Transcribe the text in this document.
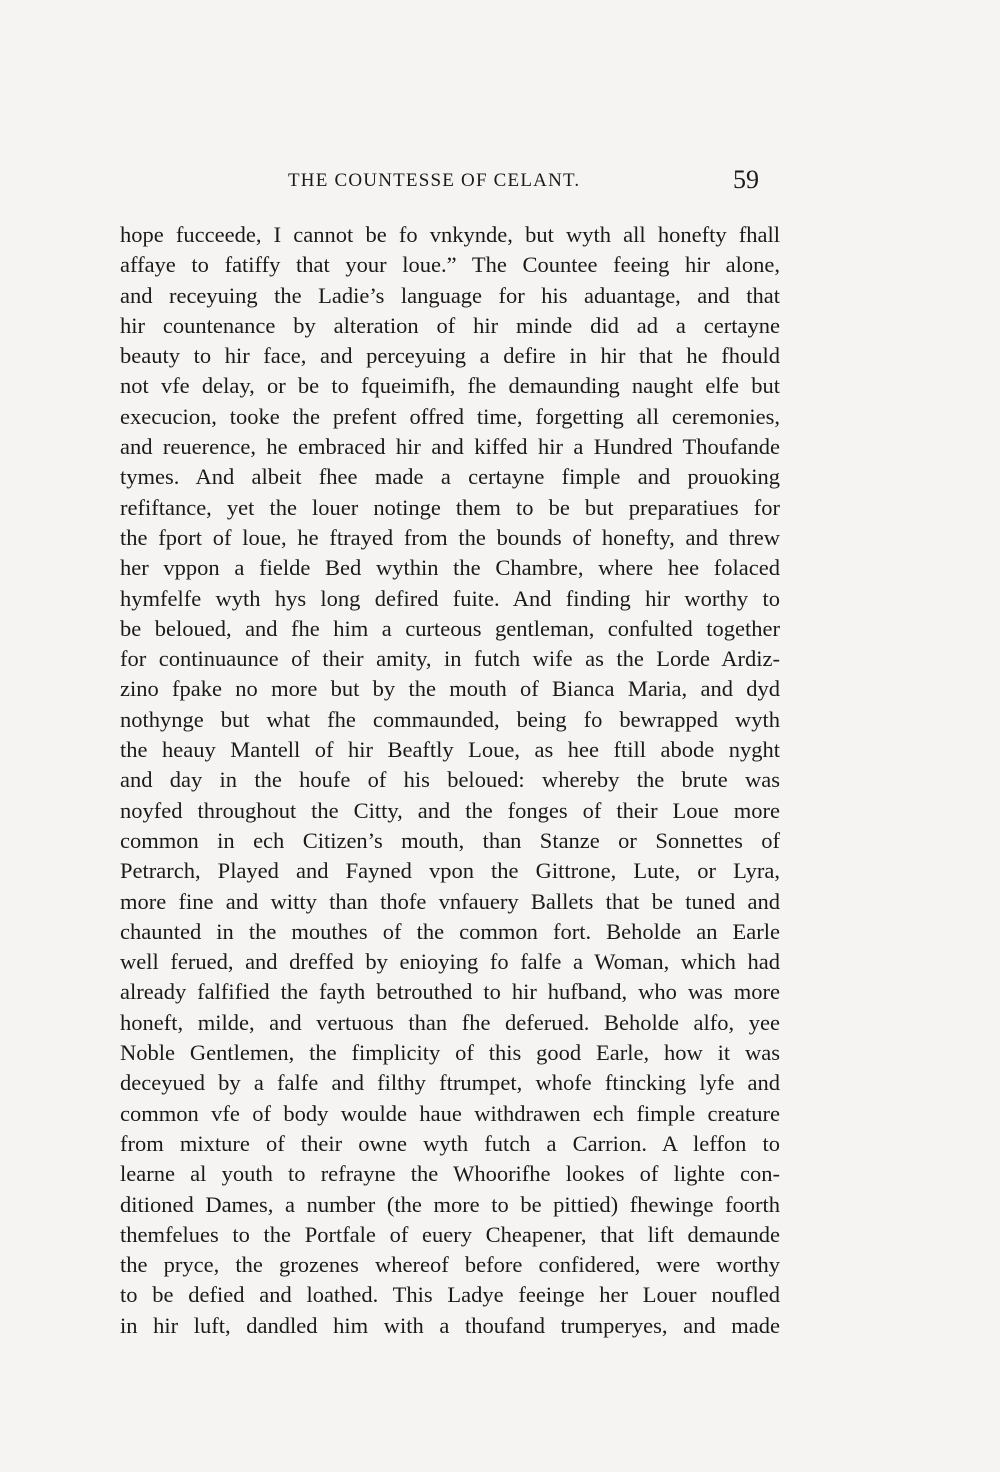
THE COUNTESSE OF CELANT.	59
hope fucceede, I cannot be fo vnkynde, but wyth all honefty fhall
affaye to fatiffy that your loue.” The Countee feeing hir alone,
and receyuing the Ladie’s language for his aduantage, and that
hir countenance by alteration of hir minde did ad a certayne
beauty to hir face, and perceyuing a defire in hir that he fhould
not vfe delay, or be to fqueimifh, fhe demaunding naught elfe but
execucion, tooke the prefent offred time, forgetting all ceremonies,
and reuerence, he embraced hir and kiffed hir a Hundred Thoufande
tymes. And albeit fhee made a certayne fimple and prouoking
refiftance, yet the louer notinge them to be but preparatiues for
the fport of loue, he ftrayed from the bounds of honefty, and threw
her vppon a fielde Bed wythin the Chambre, where hee folaced
hymfelfe wyth hys long defired fuite. And finding hir worthy to
be beloued, and fhe him a curteous gentleman, confulted together
for continuaunce of their amity, in futch wife as the Lorde Ardiz-
zino fpake no more but by the mouth of Bianca Maria, and dyd
nothynge but what fhe commaunded, being fo bewrapped wyth
the heauy Mantell of hir Beaftly Loue, as hee ftill abode nyght
and day in the houfe of his beloued: whereby the brute was
noyfed throughout the Citty, and the fonges of their Loue more
common in ech Citizen’s mouth, than Stanze or Sonnettes of
Petrarch, Played and Fayned vpon the Gittrone, Lute, or Lyra,
more fine and witty than thofe vnfauery Ballets that be tuned and
chaunted in the mouthes of the common fort. Beholde an Earle
well ferued, and dreffed by enioying fo falfe a Woman, which had
already falfified the fayth betrouthed to hir hufband, who was more
honeft, milde, and vertuous than fhe deferued. Beholde alfo, yee
Noble Gentlemen, the fimplicity of this good Earle, how it was
deceyued by a falfe and filthy ftrumpet, whofe ftincking lyfe and
common vfe of body woulde haue withdrawen ech fimple creature
from mixture of their owne wyth futch a Carrion. A leffon to
learne al youth to refrayne the Whoorifhe lookes of lighte con-
ditioned Dames, a number (the more to be pittied) fhewinge foorth
themfelues to the Portfale of euery Cheapener, that lift demaunde
the pryce, the grozenes whereof before confidered, were worthy
to be defied and loathed. This Ladye feeinge her Louer noufled
in hir luft, dandled him with a thoufand trumperyes, and made
